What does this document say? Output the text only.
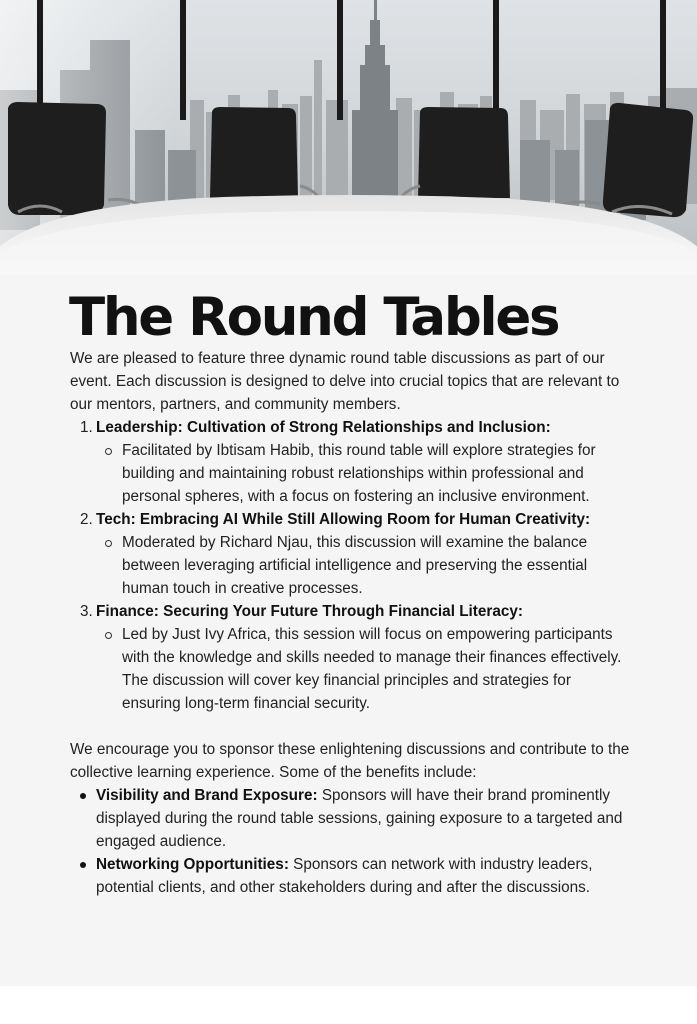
The Round Tables

We are pleased to feature three dynamic round table discussions as part of our event. Each discussion is designed to delve into crucial topics that are relevant to our mentors, partners, and community members.

1. Leadership: Cultivation of Strong Relationships and Inclusion:
Facilitated by Ibtisam Habib, this round table will explore strategies for building and maintaining robust relationships within professional and personal spheres, with a focus on fostering an inclusive environment.
2. Tech: Embracing AI While Still Allowing Room for Human Creativity:
Moderated by Richard Njau, this discussion will examine the balance between leveraging artificial intelligence and preserving the essential human touch in creative processes.
3. Finance: Securing Your Future Through Financial Literacy:
Led by Just Ivy Africa, this session will focus on empowering participants with the knowledge and skills needed to manage their finances effectively. The discussion will cover key financial principles and strategies for ensuring long-term financial security.

We encourage you to sponsor these enlightening discussions and contribute to the collective learning experience. Some of the benefits include:

Visibility and Brand Exposure: Sponsors will have their brand prominently displayed during the round table sessions, gaining exposure to a targeted and engaged audience.
Networking Opportunities: Sponsors can network with industry leaders, potential clients, and other stakeholders during and after the discussions.
